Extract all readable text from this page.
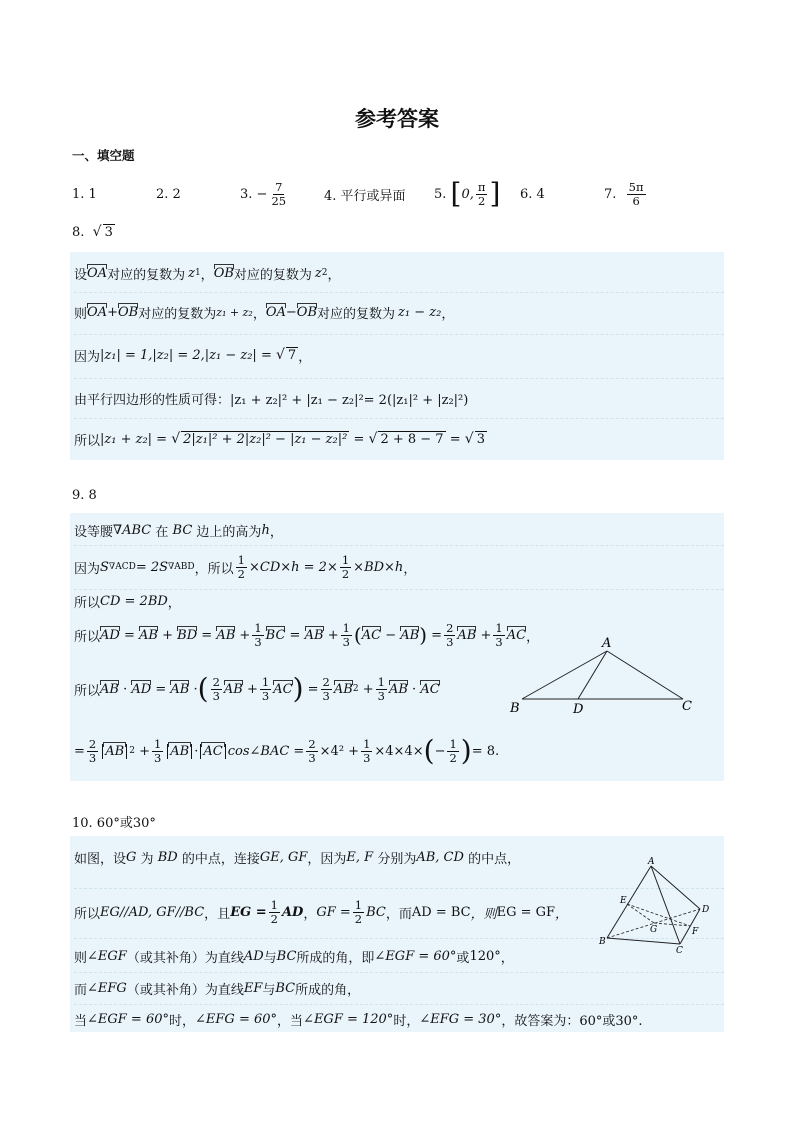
参考答案
一、填空题
1. 1	2. 2	3.
− $\frac{7}{25}$	4. 平行或异面 5.
[ 0, $\frac{\pi}{2}$ ] 6. 4	7.
$\frac{5\pi}{6}$
8. √ 3
设 OA 对应的复数为 z 1 ， OB 对应的复数为 z 2 ，
则 OA + OB 对应的复数为 z₁ + z₂ ， OA − OB 对应的复数为 z₁ − z₂ ，
因为 |z₁| = 1,|z₂| = 2,|z₁ − z₂| =
√ 7 ，
由平行四边形的性质可得：|z₁ + z₂|² + |z₁ − z₂|²= 2(|z₁|² + |z₂|²)
所以 |z₁ + z₂| =
√ 2|z₁|² + 2|z₂|² − |z₁ − z₂|²
=
√ 2 + 8 − 7
=
√ 3
9. 8
设等腰 ∇ABC
在
BC
边上的高为 h ，
因为 S ∇ACD = 2S ∇ABD ，所以 $\frac{1}{2} \times CD\times h = 2\times \frac{1}{2} \times BD\times h$ ，
所以 CD = 2BD ，
所以 AD
=
AB
+
BD
=
AB
+ $\frac{1}{3}$ BC
=
AB
+ $\frac{1}{3}$ ( AC
−
AB )
= $\frac{2}{3}$ AB
+ $\frac{1}{3}$ AC ，
所以 AB
·
AD
=
AB
· ( $\frac{2}{3}$ AB
+ $\frac{1}{3}$ AC )
= $\frac{2}{3}$ AB 2
+ $\frac{1}{3}$ AB
·
AC
= $\frac{2}{3}$ AB 2
+ $\frac{1}{3}$ AB · AC cos∠BAC = $\frac{2}{3} \times 4^2 + \frac{1}{3} \times 4\times 4\times$ ( − $\frac{1}{2}$ ) = 8.
A
B	D	C
10. 60°或30°
如图，设 G
为
BD
的中点，连接 GE, GF ，因为 E, F
分别为 AB, CD
的中点，
所以 EG//AD, GF//BC ，且 EG = $\frac{1}{2}$ AD ， GF = $\frac{1}{2}$ BC ，而 AD = BC ，则 EG = GF ，
则 ∠EGF （或其补角）为直线 AD 与 BC 所成的角，即 ∠EGF = 60° 或 120° ，
而 ∠EFG （或其补角）为直线 EF 与 BC 所成的角，
当 ∠EGF = 60° 时， ∠EFG = 60° ，当 ∠EGF = 120° 时， ∠EFG = 30° ，故答案为：60°或30°.
A
E
D
G	F
B
C
